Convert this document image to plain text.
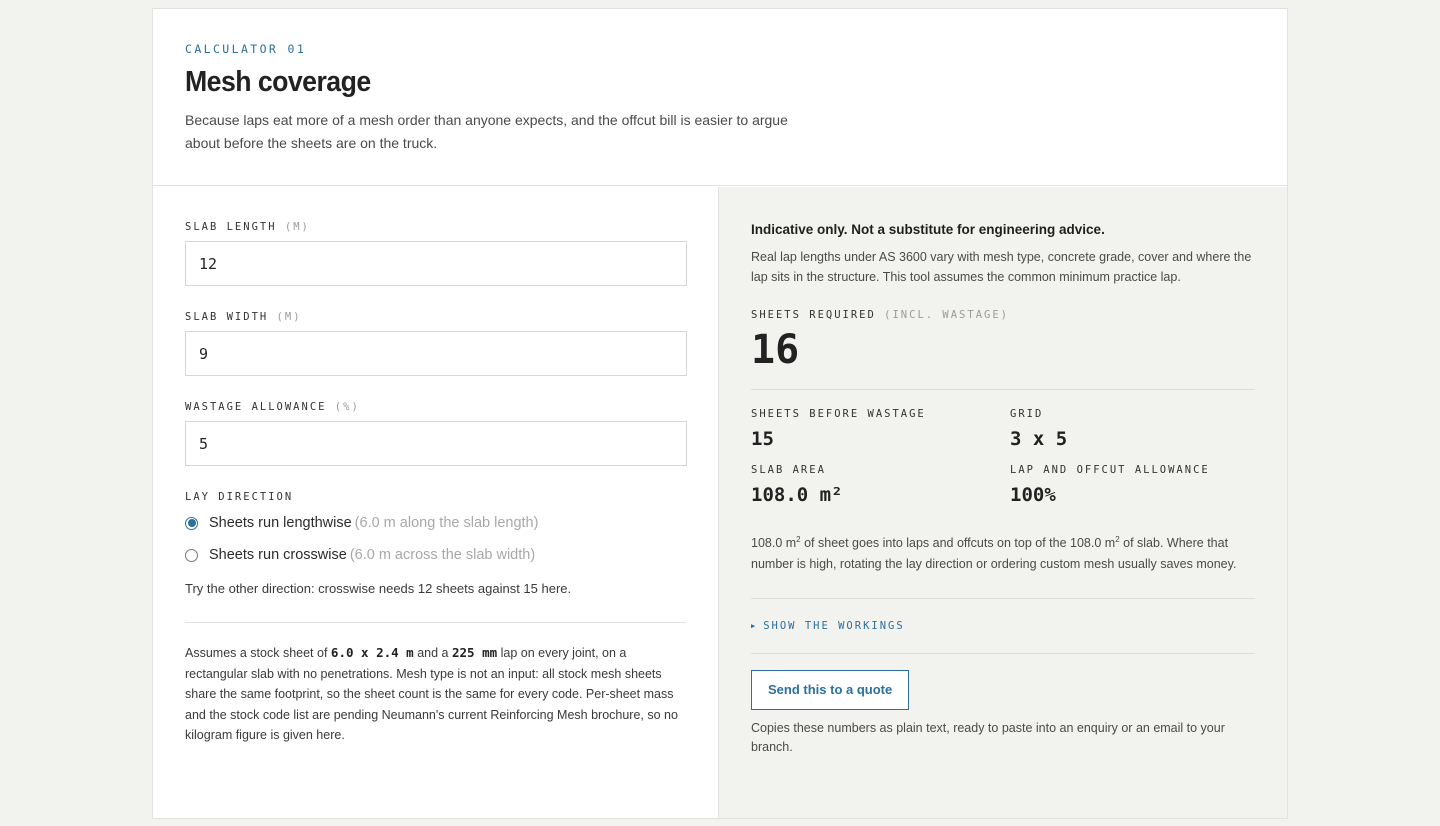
CALCULATOR 01
Mesh coverage

Because laps eat more of a mesh order than anyone expects, and the offcut bill is easier to argue about before the sheets are on the truck.

SLAB LENGTH (M)
12
SLAB WIDTH (M)
9
WASTAGE ALLOWANCE (%)
5
LAY DIRECTION
Sheets run lengthwise (6.0 m along the slab length)
Sheets run crosswise (6.0 m across the slab width)

Try the other direction: crosswise needs 12 sheets against 15 here.

Assumes a stock sheet of 6.0 x 2.4 m and a 225 mm lap on every joint, on a rectangular slab with no penetrations. Mesh type is not an input: all stock mesh sheets share the same footprint, so the sheet count is the same for every code. Per-sheet mass and the stock code list are pending Neumann's current Reinforcing Mesh brochure, so no kilogram figure is given here.

Indicative only. Not a substitute for engineering advice.

Real lap lengths under AS 3600 vary with mesh type, concrete grade, cover and where the lap sits in the structure. This tool assumes the common minimum practice lap.

SHEETS REQUIRED (INCL. WASTAGE)
16
SHEETS BEFORE WASTAGE
15
GRID
3 x 5
SLAB AREA
108.0 m²
LAP AND OFFCUT ALLOWANCE
100%

108.0 $m^2$ of sheet goes into laps and offcuts on top of the 108.0 $m^2$ of slab. Where that number is high, rotating the lay direction or ordering custom mesh usually saves money.

▶ SHOW THE WORKINGS
Send this to a quote

Copies these numbers as plain text, ready to paste into an enquiry or an email to your branch.
